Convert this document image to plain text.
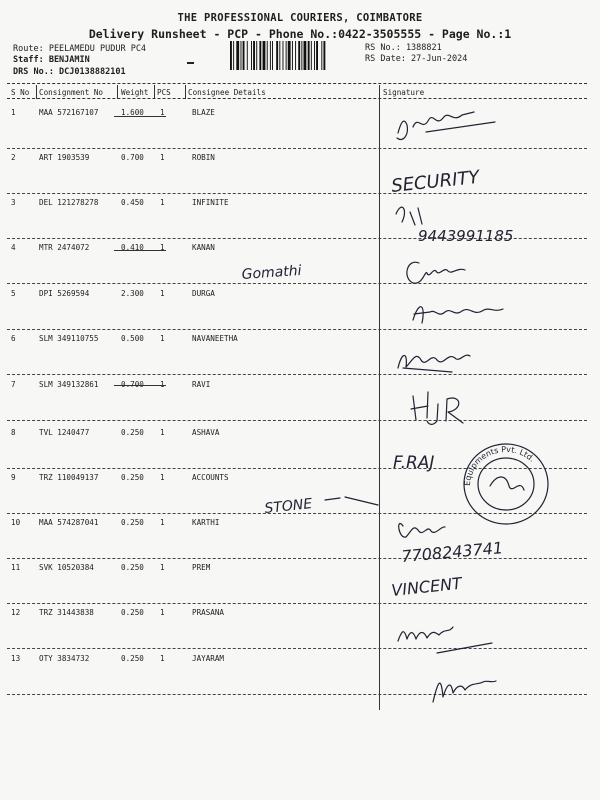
THE PROFESSIONAL COURIERS, COIMBATORE
Delivery Runsheet - PCP - Phone No.:0422-3505555 - Page No.:1
Route: PEELAMEDU PUDUR PC4
Staff: BENJAMIN
DRS No.: DCJ0138882101
RS No.: 1388821
RS Date: 27-Jun-2024
S No Consignment No Weight PCS Consignee Details	Signature
1	MAA 572167107	1.600 1	BLAZE
2	ART 1903539	0.700 1	ROBIN
3	DEL 121278278	0.450 1	INFINITE
4	MTR 2474072	0.410 1	KANAN
5	DPI 5269594	2.300 1	DURGA
6	SLM 349110755	0.500 1	NAVANEETHA
7	SLM 349132861	0.700 1	RAVI
8	TVL 1240477	0.250 1	ASHAVA
9	TRZ 110049137	0.250 1	ACCOUNTS
10 MAA 574287041	0.250 1	KARTHI
11 SVK 10520384	0.250 1	PREM
12 TRZ 31443838	0.250 1	PRASANA
13 OTY 3834732	0.250 1	JAYARAM
SECURITY
9443991185
Gomathi
F.RAJ
STONE
7708243741
VINCENT
Equipments Pvt. Ltd.
